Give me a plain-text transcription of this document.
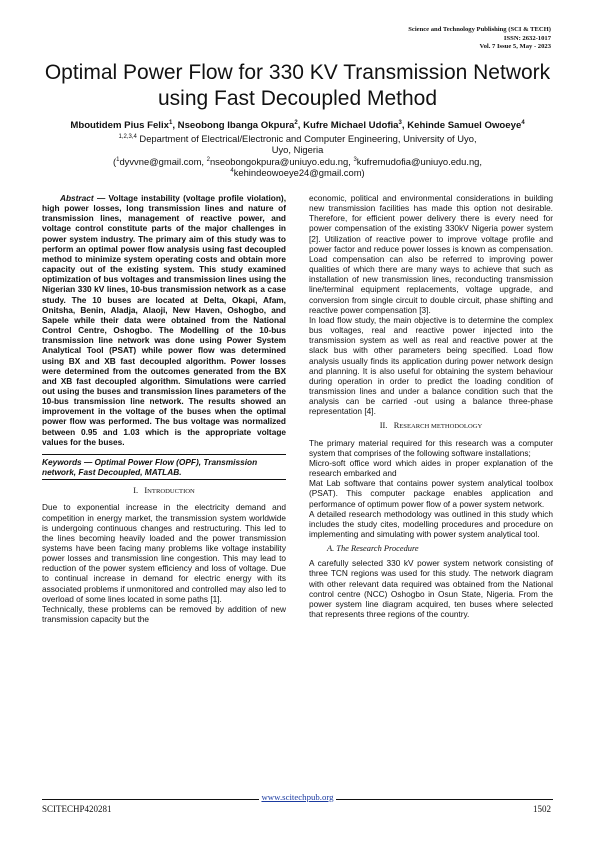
Science and Technology Publishing (SCI & TECH)
ISSN: 2632-1017
Vol. 7 Issue 5, May - 2023
Optimal Power Flow for 330 KV Transmission Network using Fast Decoupled Method
Mboutidem Pius Felix$^1$, Nseobong Ibanga Okpura$^2$, Kufre Michael Udofia$^3$, Kehinde Samuel Owoeye$^4$
$^{1,2,3,4}$ Department of Electrical/Electronic and Computer Engineering, University of Uyo,
Uyo, Nigeria
($^1$dyvvne@gmail.com, $^2$nseobongokpura@uniuyo.edu.ng, $^3$kufremudofia@uniuyo.edu.ng,
$^4$kehindeowoeye24@gmail.com)

Abstract — Voltage instability (voltage profile violation), high power losses, long transmission lines and nature of transmission lines, management of reactive power, and voltage control constitute parts of the major challenges in power system industry. The primary aim of this study was to perform an optimal power flow analysis using fast decoupled method to minimize system operating costs and obtain more capacity out of the existing system. This study examined optimization of bus voltages and transmission lines using the Nigerian 330 kV lines, 10-bus transmission network as a case study. The 10 buses are located at Delta, Okapi, Afam, Onitsha, Benin, Aladja, Alaoji, New Haven, Oshogbo, and Sapele while their data were obtained from the National Control Centre, Oshogbo. The Modelling of the 10-bus transmission line network was done using Power System Analytical Tool (PSAT) while power flow was determined using BX and XB fast decoupled algorithm. Power losses were determined from the outcomes generated from the BX and XB fast decoupled algorithm. Simulations were carried out using the buses and transmission lines parameters of the 10-bus transmission line network. The results showed an improvement in the voltage of the buses when the optimal power flow was performed. The bus voltage was normalized between 0.95 and 1.03 which is the appropriate voltage values for the buses.

Keywords — Optimal Power Flow (OPF), Transmission network, Fast Decoupled, MATLAB.
I. INTRODUCTION

Due to exponential increase in the electricity demand and competition in energy market, the transmission system worldwide is undergoing continuous changes and restructuring. This led to the lines becoming heavily loaded and the power transmission systems have been facing many problems like voltage instability power losses and transmission line congestion. This may lead to reduction of the power system efficiency and loss of voltage. Due to continual increase in demand for electric energy with its associated problems if unmonitored and controlled may also led to overload of some lines located in some paths [1].

Technically, these problems can be removed by addition of new transmission capacity but the

economic, political and environmental considerations in building new transmission facilities has made this option not desirable. Therefore, for efficient power delivery there is every need for power compensation of the existing 330kV Nigeria power system [2]. Utilization of reactive power to improve voltage profile and power factor and reduce power losses is known as compensation. Load compensation can also be referred to improving power qualities of which there are many ways to achieve that such as installation of new transmission lines, reconducting transmission line/terminal equipment replacements, voltage upgrade, and conversion from single circuit to double circuit, phase shifting and reactive power compensation [3].

In load flow study, the main objective is to determine the complex bus voltages, real and reactive power injected into the transmission system as well as real and reactive power at the slack bus with other parameters being specified. Load flow analysis usually finds its application during power network design and planning. It is also useful for obtaining the system behaviour during operation in order to predict the loading condition of transmission lines and under a balance condition such that the analysis can be carried -out using a balance three-phase representation [4].

II. RESEARCH METHODOLOGY

The primary material required for this research was a computer system that comprises of the following software installations;

Micro-soft office word which aides in proper explanation of the research embarked and

Mat Lab software that contains power system analytical toolbox (PSAT). This computer package enables application and performance of optimum power flow of a power system network.

A detailed research methodology was outlined in this study which includes the study cites, modelling procedures and procedure on implementing and simulating with power system analytical tool.

A. The Research Procedure

A carefully selected 330 kV power system network consisting of three TCN regions was used for this study. The network diagram with other relevant data required was obtained from the National control centre (NCC) Oshogbo in Osun State, Nigeria. From the power system line diagram acquired, ten buses where selected that represents three regions of the country.

www.scitechpub.org
SCITECHP420281	1502
